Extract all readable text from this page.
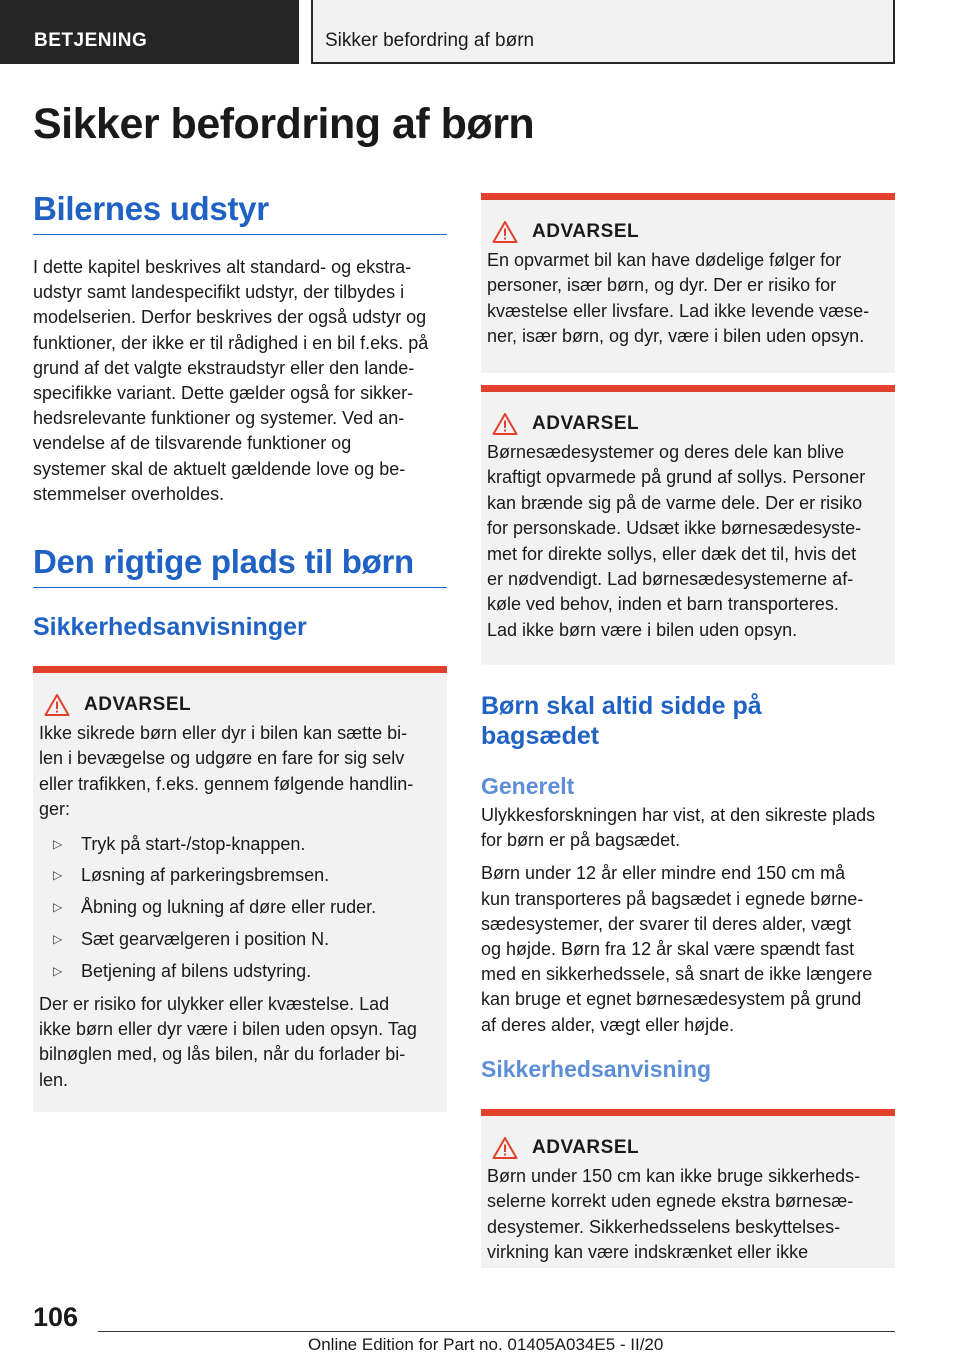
BETJENING	Sikker befordring af børn
Sikker befordring af børn
Bilernes udstyr
I dette kapitel beskrives alt standard- og ekstra-
udstyr samt landespecifikt udstyr, der tilbydes i
modelserien. Derfor beskrives der også udstyr og
funktioner, der ikke er til rådighed i en bil f.eks. på
grund af det valgte ekstraudstyr eller den lande-
specifikke variant. Dette gælder også for sikker-
hedsrelevante funktioner og systemer. Ved an-
vendelse af de tilsvarende funktioner og
systemer skal de aktuelt gældende love og be-
stemmelser overholdes.
Den rigtige plads til børn
Sikkerhedsanvisninger
ADVARSEL
Ikke sikrede børn eller dyr i bilen kan sætte bi-
len i bevægelse og udgøre en fare for sig selv
eller trafikken, f.eks. gennem følgende handlin-
ger:
▷	Tryk på start-/stop-knappen.
▷	Løsning af parkeringsbremsen.
▷	Åbning og lukning af døre eller ruder.
▷	Sæt gearvælgeren i position N.
▷	Betjening af bilens udstyring.
Der er risiko for ulykker eller kvæstelse. Lad
ikke børn eller dyr være i bilen uden opsyn. Tag
bilnøglen med, og lås bilen, når du forlader bi-
len.
ADVARSEL
En opvarmet bil kan have dødelige følger for
personer, især børn, og dyr. Der er risiko for
kvæstelse eller livsfare. Lad ikke levende væse-
ner, især børn, og dyr, være i bilen uden opsyn.
ADVARSEL
Børnesædesystemer og deres dele kan blive
kraftigt opvarmede på grund af sollys. Personer
kan brænde sig på de varme dele. Der er risiko
for personskade. Udsæt ikke børnesædesyste-
met for direkte sollys, eller dæk det til, hvis det
er nødvendigt. Lad børnesædesystemerne af-
køle ved behov, inden et barn transporteres.
Lad ikke børn være i bilen uden opsyn.
Børn skal altid sidde på
bagsædet
Generelt
Ulykkesforskningen har vist, at den sikreste plads
for børn er på bagsædet.
Børn under 12 år eller mindre end 150 cm må
kun transporteres på bagsædet i egnede børne-
sædesystemer, der svarer til deres alder, vægt
og højde. Børn fra 12 år skal være spændt fast
med en sikkerhedssele, så snart de ikke længere
kan bruge et egnet børnesædesystem på grund
af deres alder, vægt eller højde.
Sikkerhedsanvisning
ADVARSEL
Børn under 150 cm kan ikke bruge sikkerheds-
selerne korrekt uden egnede ekstra børnesæ-
desystemer. Sikkerhedsselens beskyttelses-
virkning kan være indskrænket eller ikke
106
Online Edition for Part no. 01405A034E5 - II/20
